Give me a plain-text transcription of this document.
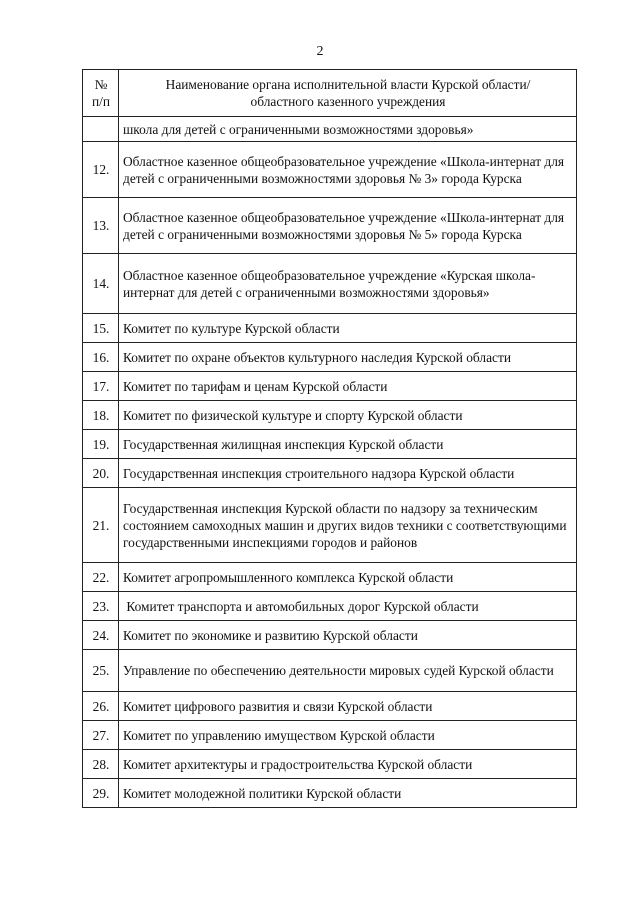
2
№
п/п	Наименование органа исполнительной власти Курской области/
областного казенного учреждения
	школа для детей с ограниченными возможностями здоровья»
12.	Областное казенное общеобразовательное учреждение «Школа-интернат для детей с ограниченными возможностями здоровья № 3» города Курска
13.	Областное казенное общеобразовательное учреждение «Школа-интернат для детей с ограниченными возможностями здоровья № 5» города Курска
14.	Областное казенное общеобразовательное учреждение «Курская школа-интернат для детей с ограниченными возможностями здоровья»
15.	Комитет по культуре Курской области
16.	Комитет по охране объектов культурного наследия Курской области
17.	Комитет по тарифам и ценам Курской области
18.	Комитет по физической культуре и спорту Курской области
19.	Государственная жилищная инспекция Курской области
20.	Государственная инспекция строительного надзора Курской области
21.	Государственная инспекция Курской области по надзору за техническим состоянием самоходных машин и других видов техники с соответствующими государственными инспекциями городов и районов
22.	Комитет агропромышленного комплекса Курской области
23.	Комитет транспорта и автомобильных дорог Курской области
24.	Комитет по экономике и развитию Курской области
25.	Управление по обеспечению деятельности мировых судей Курской области
26.	Комитет цифрового развития и связи Курской области
27.	Комитет по управлению имуществом Курской области
28.	Комитет архитектуры и градостроительства Курской области
29.	Комитет молодежной политики Курской области
